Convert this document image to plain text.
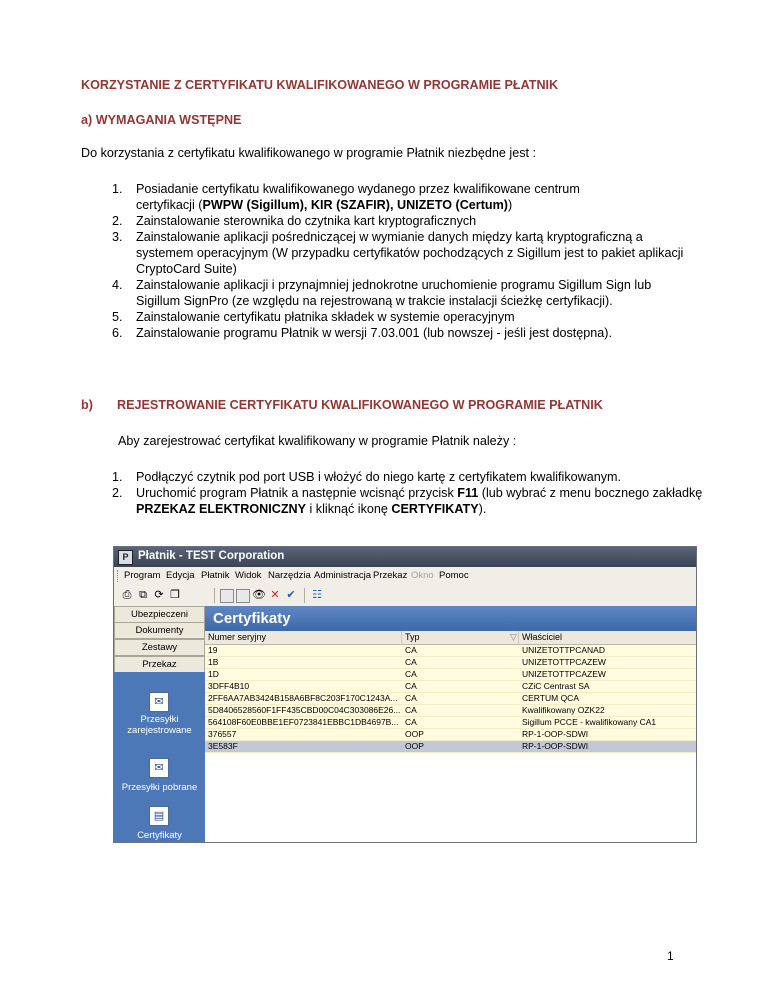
KORZYSTANIE Z CERTYFIKATU KWALIFIKOWANEGO W PROGRAMIE PŁATNIK
a) WYMAGANIA WSTĘPNE
Do korzystania z certyfikatu kwalifikowanego w programie Płatnik niezbędne jest :
1. Posiadanie certyfikatu kwalifikowanego wydanego przez kwalifikowane centrum
certyfikacji (PWPW (Sigillum), KIR (SZAFIR), UNIZETO (Certum))
2. Zainstalowanie sterownika do czytnika kart kryptograficznych
3. Zainstalowanie aplikacji pośredniczącej w wymianie danych między kartą kryptograficzną a systemem operacyjnym (W przypadku certyfikatów pochodzących z Sigillum jest to pakiet aplikacji CryptoCard Suite)
4. Zainstalowanie aplikacji i przynajmniej jednokrotne uruchomienie programu Sigillum Sign lub Sigillum SignPro (ze względu na rejestrowaną w trakcie instalacji ścieżkę certyfikacji).
5. Zainstalowanie certyfikatu płatnika składek w systemie operacyjnym
6. Zainstalowanie programu Płatnik w wersji 7.03.001 (lub nowszej - jeśli jest dostępna).
b) REJESTROWANIE CERTYFIKATU KWALIFIKOWANEGO W PROGRAMIE PŁATNIK
Aby zarejestrować certyfikat kwalifikowany w programie Płatnik należy :
1. Podłączyć czytnik pod port USB i włożyć do niego kartę z certyfikatem kwalifikowanym.
2. Uruchomić program Płatnik a następnie wcisnąć przycisk F11 (lub wybrać z menu bocznego zakładkę PRZEKAZ ELEKTRONICZNY i kliknąć ikonę CERTYFIKATY).
P Płatnik - TEST Corporation
Program Edycja Płatnik Widok Narzędzia Administracja Przekaz Okno Pomoc
⎙ ⧉ ⟳ ❐	👁 ✕ ✔ ☷
Ubezpieczeni
Dokumenty
Zestawy
Przekaz
✉
Przesyłki
zarejestrowane
✉
Przesyłki pobrane
▤
Certyfikaty
Certyfikaty
Numer seryjny	Typ	▽ Właściciel
19	CA	UNIZETOTTPCANAD
1B	CA	UNIZETOTTPCAZEW
1D	CA	UNIZETOTTPCAZEW
3DFF4B10	CA	CZiC Centrast SA
2FF6AA7AB3424B158A6BF8C203F170C1243A... CA	CERTUM QCA
5D8406528560F1FF435CBD00C04C303086E26... CA	Kwalifikowany OZK22
564108F60E0BBE1EF0723841EBBC1DB4697B... CA	Sigillum PCCE - kwalifikowany CA1
376557	OOP	RP-1-OOP-SDWI
3E583F	OOP	RP-1-OOP-SDWI
1
